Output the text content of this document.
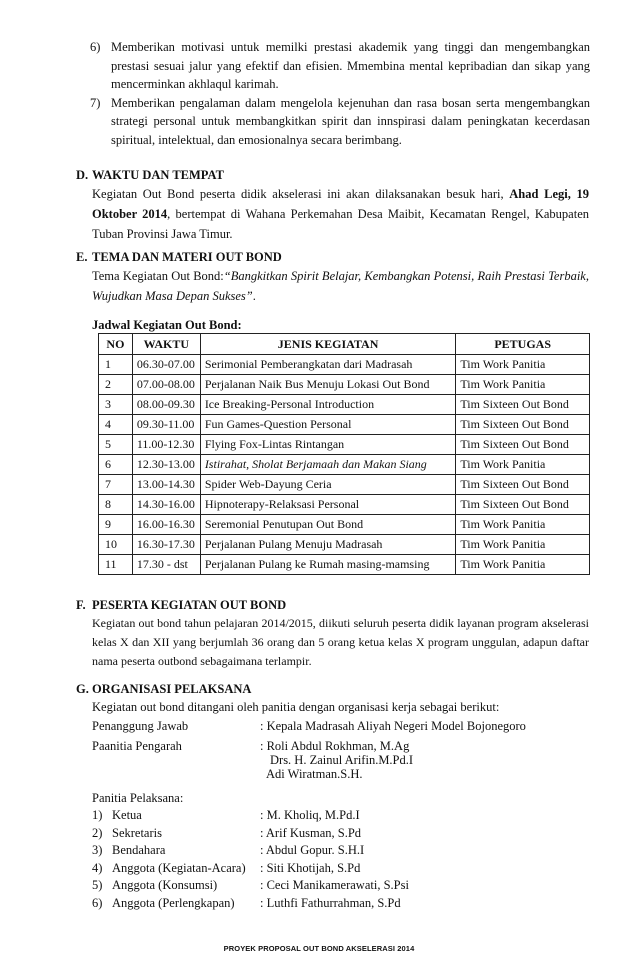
6) Memberikan motivasi untuk memilki prestasi akademik yang tinggi dan mengembangkan prestasi sesuai jalur yang efektif dan efisien. Mmembina mental kepribadian dan sikap yang mencerminkan akhlaqul karimah.
7) Memberikan pengalaman dalam mengelola kejenuhan dan rasa bosan serta mengembangkan strategi personal untuk membangkitkan spirit dan innspirasi dalam peningkatan kecerdasan spiritual, intelektual, dan emosionalnya secara berimbang.
D. WAKTU DAN TEMPAT
Kegiatan Out Bond peserta didik akselerasi ini akan dilaksanakan besuk hari, Ahad Legi, 19 Oktober 2014, bertempat di Wahana Perkemahan Desa Maibit, Kecamatan Rengel, Kabupaten Tuban Provinsi Jawa Timur.
E. TEMA DAN MATERI OUT BOND
Tema Kegiatan Out Bond:“Bangkitkan Spirit Belajar, Kembangkan Potensi, Raih Prestasi Terbaik, Wujudkan Masa Depan Sukses”.
Jadwal Kegiatan Out Bond:
NO	WAKTU	JENIS KEGIATAN	PETUGAS
1	06.30-07.00	Serimonial Pemberangkatan dari Madrasah	Tim Work Panitia
2	07.00-08.00	Perjalanan Naik Bus Menuju Lokasi Out Bond	Tim Work Panitia
3	08.00-09.30	Ice Breaking-Personal Introduction	Tim Sixteen Out Bond
4	09.30-11.00	Fun Games-Question Personal	Tim Sixteen Out Bond
5	11.00-12.30	Flying Fox-Lintas Rintangan	Tim Sixteen Out Bond
6	12.30-13.00	Istirahat, Sholat Berjamaah dan Makan Siang	Tim Work Panitia
7	13.00-14.30	Spider Web-Dayung Ceria	Tim Sixteen Out Bond
8	14.30-16.00	Hipnoterapy-Relaksasi Personal	Tim Sixteen Out Bond
9	16.00-16.30	Seremonial Penutupan Out Bond	Tim Work Panitia
10	16.30-17.30	Perjalanan Pulang Menuju Madrasah	Tim Work Panitia
11	17.30 - dst	Perjalanan Pulang ke Rumah masing-mamsing	Tim Work Panitia
F. PESERTA KEGIATAN OUT BOND
Kegiatan out bond tahun pelajaran 2014/2015, diikuti seluruh peserta didik layanan program akselerasi kelas X dan XII yang berjumlah 36 orang dan 5 orang ketua kelas X program unggulan, adapun daftar nama peserta outbond sebagaimana terlampir.
G. ORGANISASI PELAKSANA
Kegiatan out bond ditangani oleh panitia dengan organisasi kerja sebagai berikut:
Penanggung Jawab	: Kepala Madrasah Aliyah Negeri Model Bojonegoro
Paanitia Pengarah	: Roli Abdul Rokhman, M.Ag
Drs. H. Zainul Arifin.M.Pd.I
Adi Wiratman.S.H.
Panitia Pelaksana:
1) Ketua	: M. Kholiq, M.Pd.I
2) Sekretaris	: Arif Kusman, S.Pd
3) Bendahara	: Abdul Gopur. S.H.I
4) Anggota (Kegiatan-Acara) : Siti Khotijah, S.Pd
5) Anggota (Konsumsi)	: Ceci Manikamerawati, S.Psi
6) Anggota (Perlengkapan) : Luthfi Fathurrahman, S.Pd
PROYEK PROPOSAL OUT BOND AKSELERASI 2014
